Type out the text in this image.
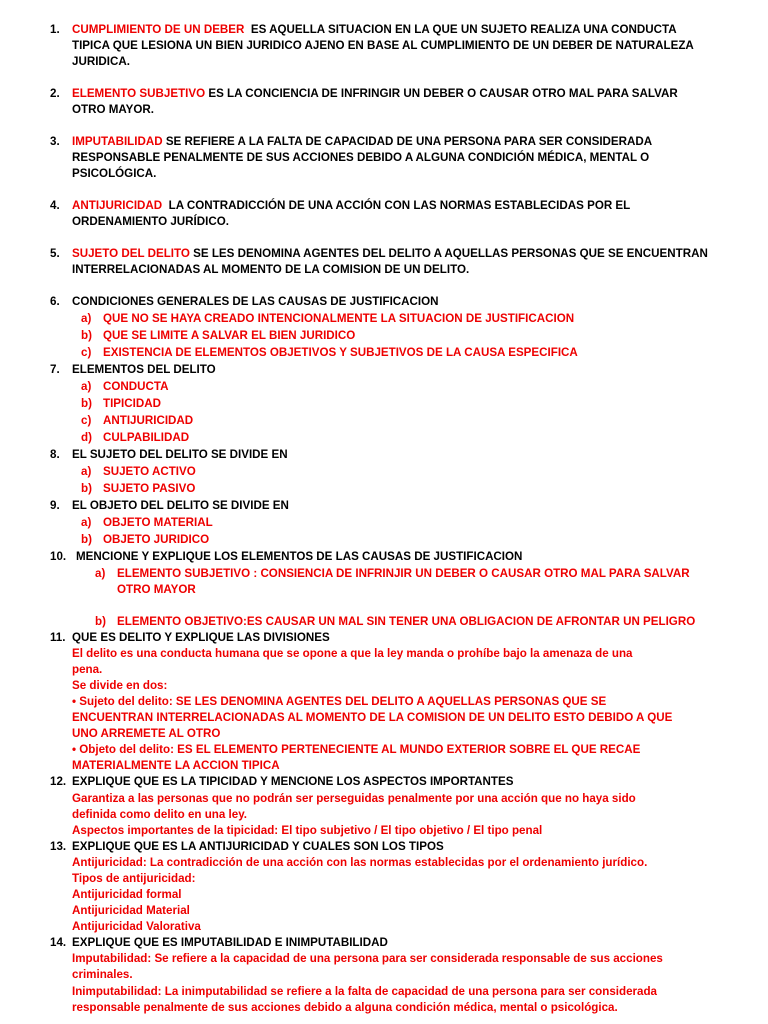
1. CUMPLIMIENTO DE UN DEBER ES AQUELLA SITUACION EN LA QUE UN SUJETO REALIZA UNA CONDUCTA
TIPICA QUE LESIONA UN BIEN JURIDICO AJENO EN BASE AL CUMPLIMIENTO DE UN DEBER DE NATURALEZA
JURIDICA.
2. ELEMENTO SUBJETIVO ES LA CONCIENCIA DE INFRINGIR UN DEBER O CAUSAR OTRO MAL PARA SALVAR
OTRO MAYOR.
3. IMPUTABILIDAD SE REFIERE A LA FALTA DE CAPACIDAD DE UNA PERSONA PARA SER CONSIDERADA
RESPONSABLE PENALMENTE DE SUS ACCIONES DEBIDO A ALGUNA CONDICIÓN MÉDICA, MENTAL O
PSICOLÓGICA.
4. ANTIJURICIDAD LA CONTRADICCIÓN DE UNA ACCIÓN CON LAS NORMAS ESTABLECIDAS POR EL
ORDENAMIENTO JURÍDICO.
5. SUJETO DEL DELITO SE LES DENOMINA AGENTES DEL DELITO A AQUELLAS PERSONAS QUE SE ENCUENTRAN
INTERRELACIONADAS AL MOMENTO DE LA COMISION DE UN DELITO.
6. CONDICIONES GENERALES DE LAS CAUSAS DE JUSTIFICACION
a) QUE NO SE HAYA CREADO INTENCIONALMENTE LA SITUACION DE JUSTIFICACION
b) QUE SE LIMITE A SALVAR EL BIEN JURIDICO
c) EXISTENCIA DE ELEMENTOS OBJETIVOS Y SUBJETIVOS DE LA CAUSA ESPECIFICA
7. ELEMENTOS DEL DELITO
a) CONDUCTA
b) TIPICIDAD
c) ANTIJURICIDAD
d) CULPABILIDAD
8. EL SUJETO DEL DELITO SE DIVIDE EN
a) SUJETO ACTIVO
b) SUJETO PASIVO
9. EL OBJETO DEL DELITO SE DIVIDE EN
a) OBJETO MATERIAL
b) OBJETO JURIDICO
10. MENCIONE Y EXPLIQUE LOS ELEMENTOS DE LAS CAUSAS DE JUSTIFICACION
a) ELEMENTO SUBJETIVO : CONSIENCIA DE INFRINJIR UN DEBER O CAUSAR OTRO MAL PARA SALVAR
OTRO MAYOR
b) ELEMENTO OBJETIVO:ES CAUSAR UN MAL SIN TENER UNA OBLIGACION DE AFRONTAR UN PELIGRO
11. QUE ES DELITO Y EXPLIQUE LAS DIVISIONES
El delito es una conducta humana que se opone a que la ley manda o prohíbe bajo la amenaza de una
pena.
Se divide en dos:
• Sujeto del delito: SE LES DENOMINA AGENTES DEL DELITO A AQUELLAS PERSONAS QUE SE
ENCUENTRAN INTERRELACIONADAS AL MOMENTO DE LA COMISION DE UN DELITO ESTO DEBIDO A QUE
UNO ARREMETE AL OTRO
• Objeto del delito: ES EL ELEMENTO PERTENECIENTE AL MUNDO EXTERIOR SOBRE EL QUE RECAE
MATERIALMENTE LA ACCION TIPICA
12. EXPLIQUE QUE ES LA TIPICIDAD Y MENCIONE LOS ASPECTOS IMPORTANTES
Garantiza a las personas que no podrán ser perseguidas penalmente por una acción que no haya sido
definida como delito en una ley.
Aspectos importantes de la tipicidad: El tipo subjetivo / El tipo objetivo / El tipo penal
13. EXPLIQUE QUE ES LA ANTIJURICIDAD Y CUALES SON LOS TIPOS
Antijuricidad: La contradicción de una acción con las normas establecidas por el ordenamiento jurídico.
Tipos de antijuricidad:
Antijuricidad formal
Antijuricidad Material
Antijuricidad Valorativa
14. EXPLIQUE QUE ES IMPUTABILIDAD E INIMPUTABILIDAD
Imputabilidad: Se refiere a la capacidad de una persona para ser considerada responsable de sus acciones
criminales.
Inimputabilidad: La inimputabilidad se refiere a la falta de capacidad de una persona para ser considerada
responsable penalmente de sus acciones debido a alguna condición médica, mental o psicológica.
